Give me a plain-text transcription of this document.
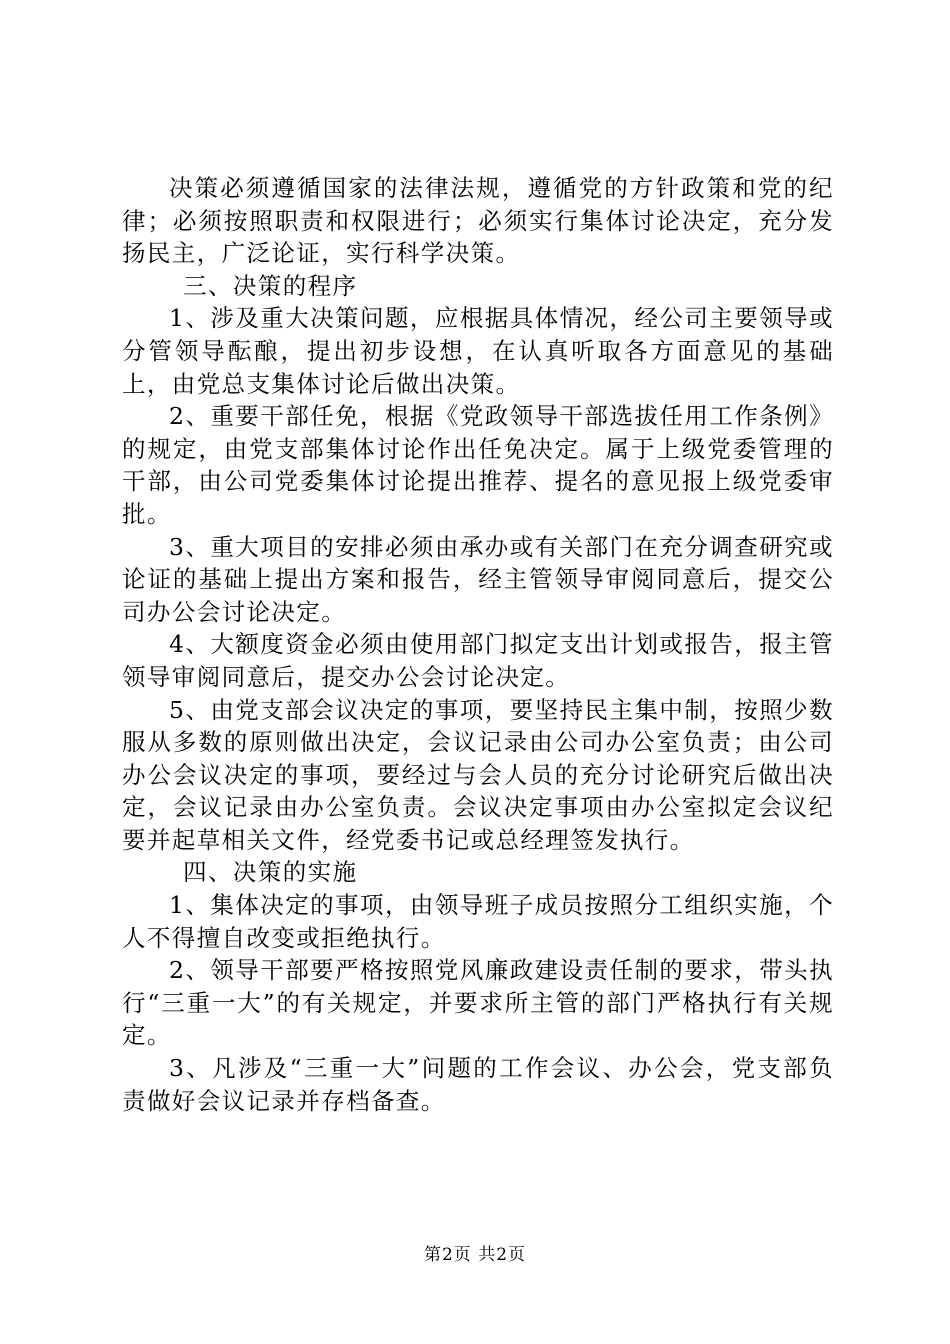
决策必须遵循国家的法律法规，遵循党的方针政策和党的纪律；必须按照职责和权限进行；必须实行集体讨论决定，充分发扬民主，广泛论证，实行科学决策。

三、决策的程序

1、涉及重大决策问题，应根据具体情况，经公司主要领导或分管领导酝酿，提出初步设想，在认真听取各方面意见的基础上，由党总支集体讨论后做出决策。

2、重要干部任免，根据《党政领导干部选拔任用工作条例》的规定，由党支部集体讨论作出任免决定。属于上级党委管理的干部，由公司党委集体讨论提出推荐、提名的意见报上级党委审批。

3、重大项目的安排必须由承办或有关部门在充分调查研究或论证的基础上提出方案和报告，经主管领导审阅同意后，提交公司办公会讨论决定。

4、大额度资金必须由使用部门拟定支出计划或报告，报主管领导审阅同意后，提交办公会讨论决定。

5、由党支部会议决定的事项，要坚持民主集中制，按照少数服从多数的原则做出决定，会议记录由公司办公室负责；由公司办公会议决定的事项，要经过与会人员的充分讨论研究后做出决定，会议记录由办公室负责。会议决定事项由办公室拟定会议纪要并起草相关文件，经党委书记或总经理签发执行。

四、决策的实施

1、集体决定的事项，由领导班子成员按照分工组织实施，个人不得擅自改变或拒绝执行。

2、领导干部要严格按照党风廉政建设责任制的要求，带头执行“三重一大”的有关规定，并要求所主管的部门严格执行有关规定。

3、凡涉及“三重一大”问题的工作会议、办公会，党支部负责做好会议记录并存档备查。

第2页 共2页
